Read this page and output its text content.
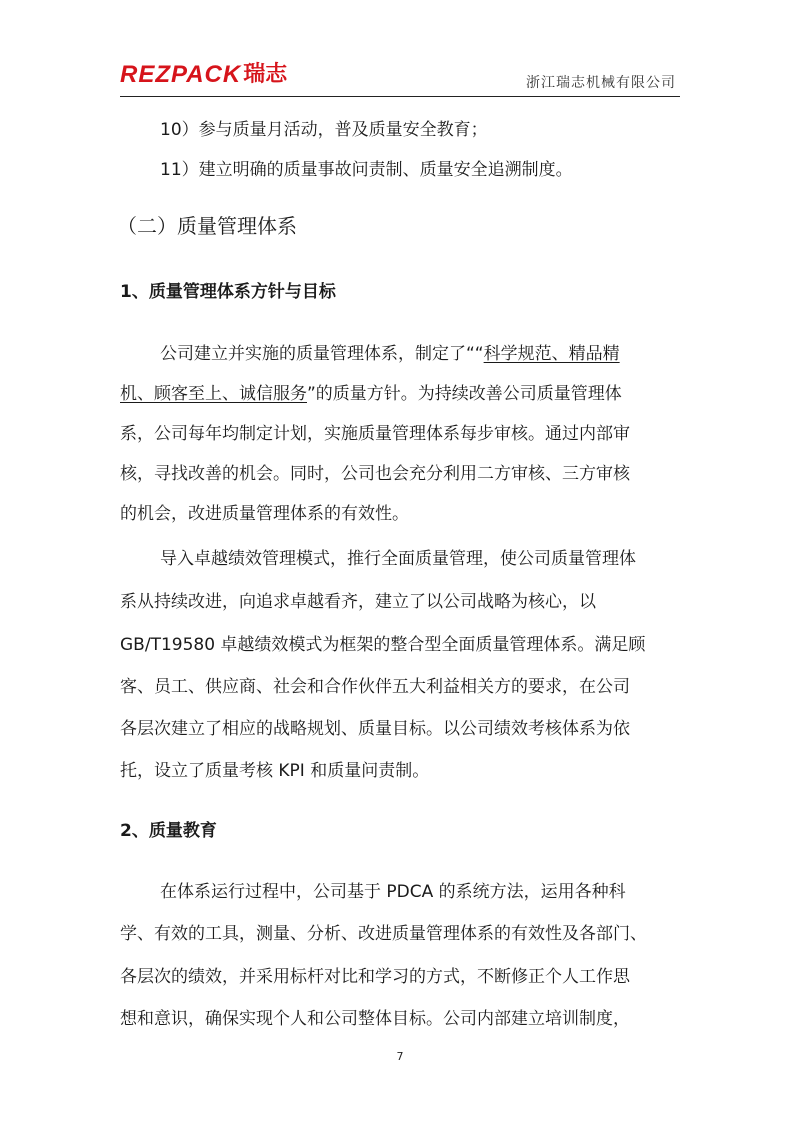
REZPACK 瑞志	浙江瑞志机械有限公司
10）参与质量月活动，普及质量安全教育；
11）建立明确的质量事故问责制、质量安全追溯制度。
（二）质量管理体系
1、质量管理体系方针与目标
公司建立并实施的质量管理体系，制定了““科学规范、精品精
机、顾客至上、诚信服务”的质量方针。为持续改善公司质量管理体
系，公司每年均制定计划，实施质量管理体系每步审核。通过内部审
核，寻找改善的机会。同时，公司也会充分利用二方审核、三方审核
的机会，改进质量管理体系的有效性。
导入卓越绩效管理模式，推行全面质量管理，使公司质量管理体
系从持续改进，向追求卓越看齐，建立了以公司战略为核心，以
GB/T19580 卓越绩效模式为框架的整合型全面质量管理体系。满足顾
客、员工、供应商、社会和合作伙伴五大利益相关方的要求，在公司
各层次建立了相应的战略规划、质量目标。以公司绩效考核体系为依
托，设立了质量考核 KPI 和质量问责制。
2、质量教育
在体系运行过程中，公司基于 PDCA 的系统方法，运用各种科
学、有效的工具，测量、分析、改进质量管理体系的有效性及各部门、
各层次的绩效，并采用标杆对比和学习的方式，不断修正个人工作思
想和意识，确保实现个人和公司整体目标。公司内部建立培训制度，
7
